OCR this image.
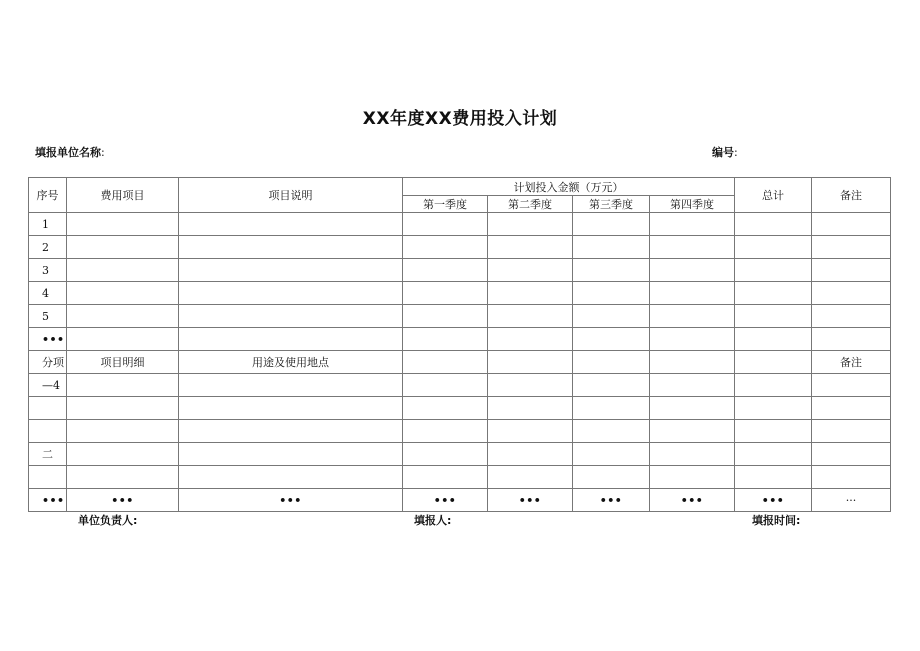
XX年度XX费用投入计划
填报单位名称:	编号:
序号	费用项目	项目说明	计划投入金额（万元）				总计	备注
			第一季度	第二季度	第三季度	第四季度		
1								
2								
3								
4								
5								
•••								
分项	项目明细	用途及使用地点						备注
—4								

二								

•••	•••	•••	•••	•••	•••	•••	•••	···
单位负责人:	填报人:	填报时间:
